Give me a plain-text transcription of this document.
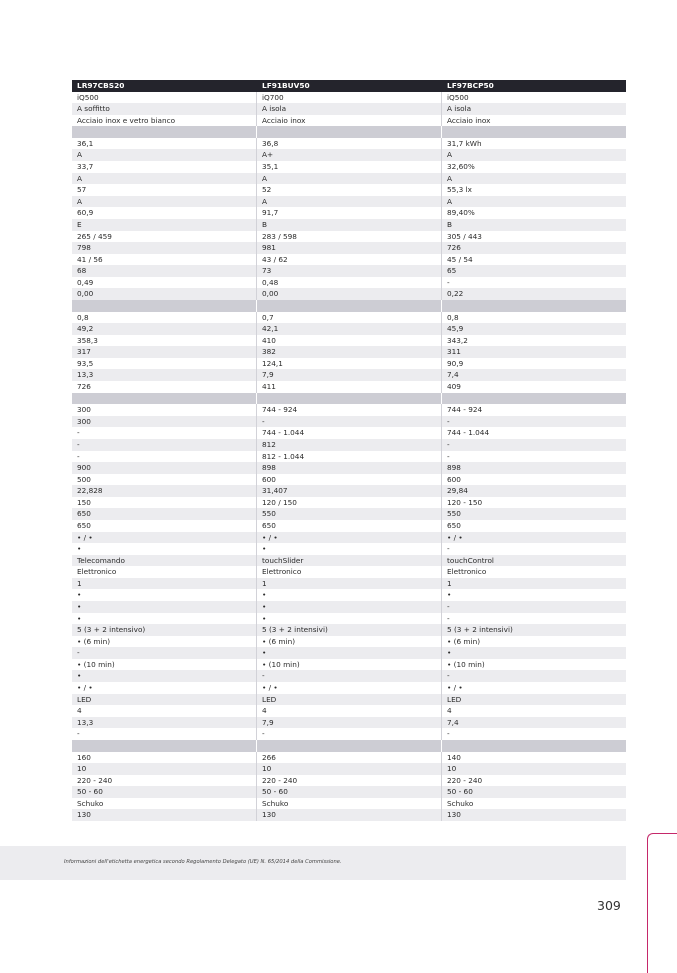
LR97CBS20	LF91BUV50	LF97BCP50
iQ500	iQ700	iQ500
A soffitto	A isola	A isola
Acciaio inox e vetro bianco	Acciaio inox	Acciaio inox
36,1	36,8	31,7 kWh
A	A+	A
33,7	35,1	32,60%
A	A	A
57	52	55,3 lx
A	A	A
60,9	91,7	89,40%
E	B	B
265 / 459	283 / 598	305 / 443
798	981	726
41 / 56	43 / 62	45 / 54
68	73	65
0,49	0,48	-
0,00	0,00	0,22
0,8	0,7	0,8
49,2	42,1	45,9
358,3	410	343,2
317	382	311
93,5	124,1	90,9
13,3	7,9	7,4
726	411	409
300	744 - 924	744 - 924
300	-	-
-	744 - 1.044	744 - 1.044
-	812	-
-	812 - 1.044	-
900	898	898
500	600	600
22,828	31,407	29,84
150	120 / 150	120 - 150
650	550	550
650	650	650
• / •	• / •	• / •
•	•	-
Telecomando	touchSlider	touchControl
Elettronico	Elettronico	Elettronico
1	1	1
•	•	•
•	•	-
•	•	-
5 (3 + 2 intensivo)	5 (3 + 2 intensivi)	5 (3 + 2 intensivi)
• (6 min)	• (6 min)	• (6 min)
-	•	•
• (10 min)	• (10 min)	• (10 min)
•	-	-
• / •	• / •	• / •
LED	LED	LED
4	4	4
13,3	7,9	7,4
-	-	-
160	266	140
10	10	10
220 - 240	220 - 240	220 - 240
50 - 60	50 - 60	50 - 60
Schuko	Schuko	Schuko
130	130	130
Informazioni dell'etichetta energetica secondo Regolamento Delegato (UE) N. 65/2014 della Commissione.
309
